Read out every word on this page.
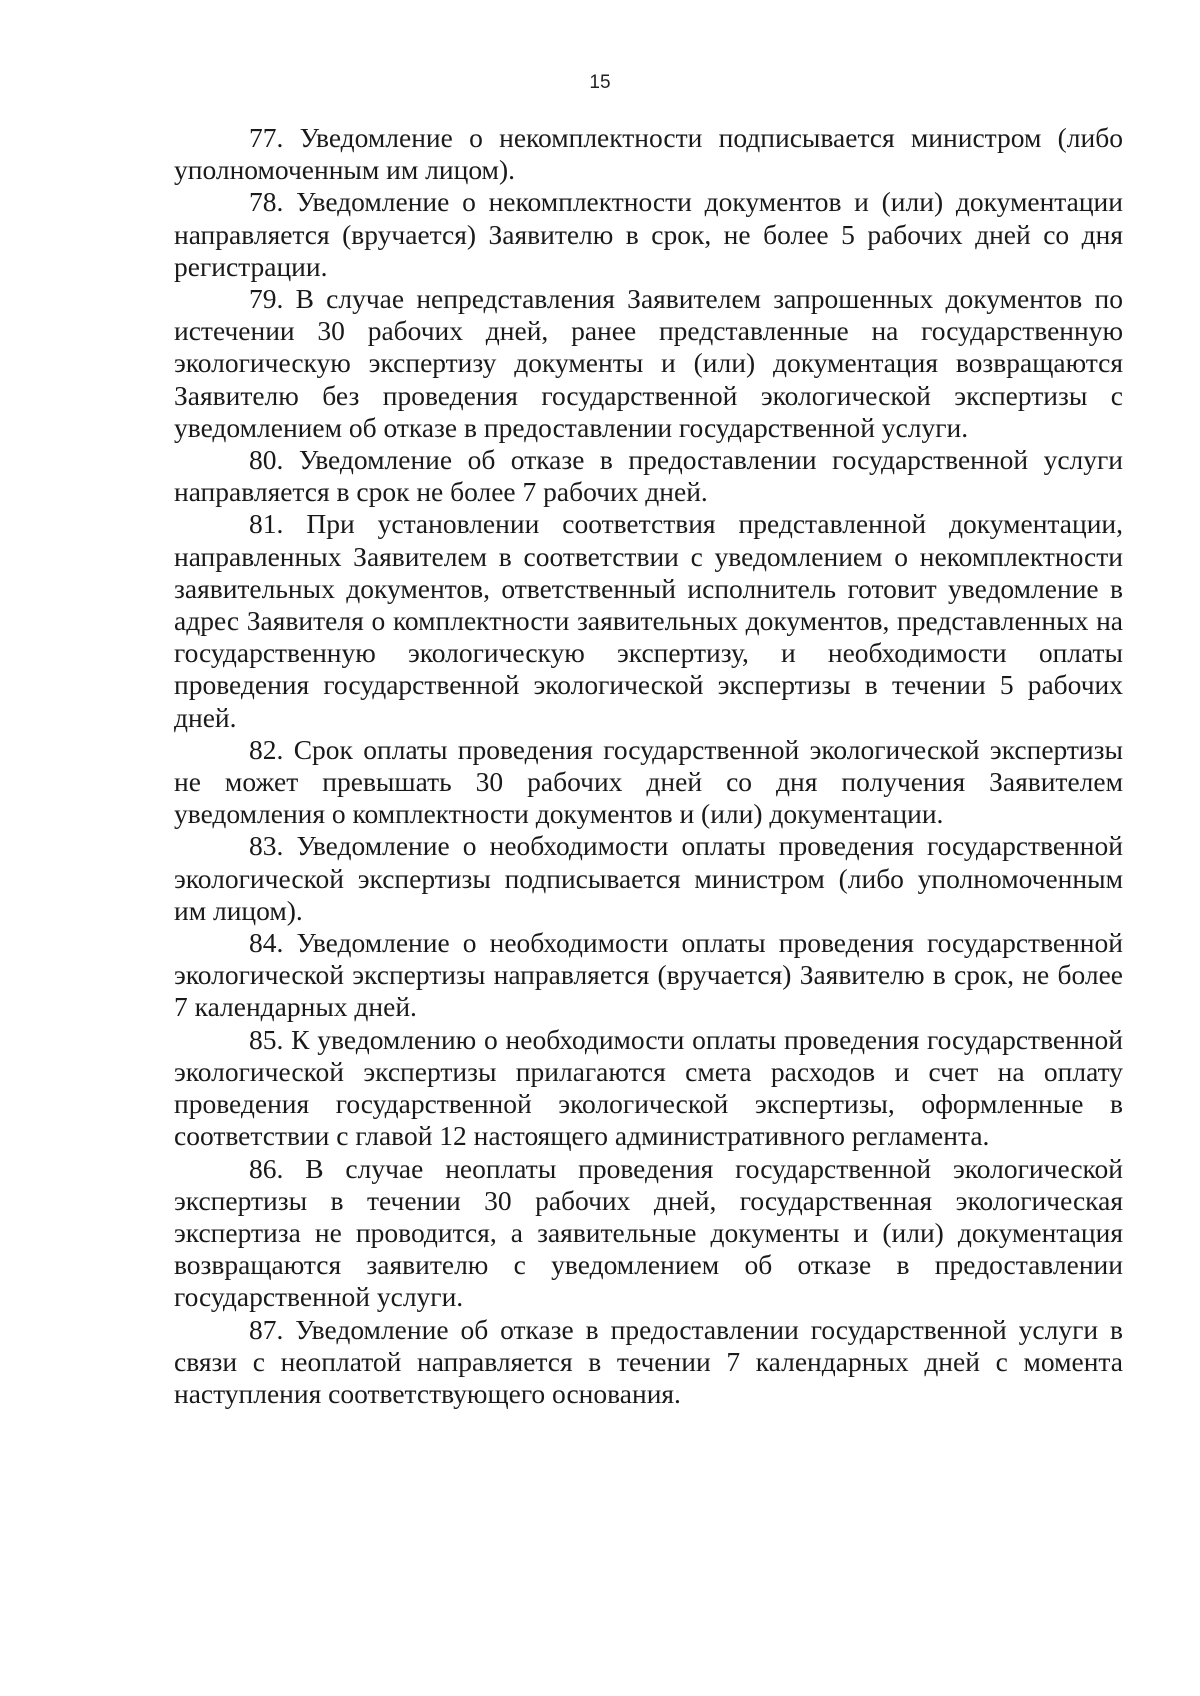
15

77. Уведомление о некомплектности подписывается министром (либо уполномоченным им лицом).

78. Уведомление о некомплектности документов и (или) документации направляется (вручается) Заявителю в срок, не более 5 рабочих дней со дня регистрации.

79. В случае непредставления Заявителем запрошенных документов по истечении 30 рабочих дней, ранее представленные на государственную экологическую экспертизу документы и (или) документация возвращаются Заявителю без проведения государственной экологической экспертизы с уведомлением об отказе в предоставлении государственной услуги.

80. Уведомление об отказе в предоставлении государственной услуги направляется в срок не более 7 рабочих дней.

81. При установлении соответствия представленной документации, направленных Заявителем в соответствии с уведомлением о некомплектности заявительных документов, ответственный исполнитель готовит уведомление в адрес Заявителя о комплектности заявительных документов, представленных на государственную экологическую экспертизу, и необходимости оплаты проведения государственной экологической экспертизы в течении 5 рабочих дней.

82. Срок оплаты проведения государственной экологической экспертизы не может превышать 30 рабочих дней со дня получения Заявителем уведомления о комплектности документов и (или) документации.

83. Уведомление о необходимости оплаты проведения государственной экологической экспертизы подписывается министром (либо уполномоченным им лицом).

84. Уведомление о необходимости оплаты проведения государственной экологической экспертизы направляется (вручается) Заявителю в срок, не более 7 календарных дней.

85. К уведомлению о необходимости оплаты проведения государственной экологической экспертизы прилагаются смета расходов и счет на оплату проведения государственной экологической экспертизы, оформленные в соответствии с главой 12 настоящего административного регламента.

86. В случае неоплаты проведения государственной экологической экспертизы в течении 30 рабочих дней, государственная экологическая экспертиза не проводится, а заявительные документы и (или) документация возвращаются заявителю с уведомлением об отказе в предоставлении государственной услуги.

87. Уведомление об отказе в предоставлении государственной услуги в связи с неоплатой направляется в течении 7 календарных дней с момента наступления соответствующего основания.
